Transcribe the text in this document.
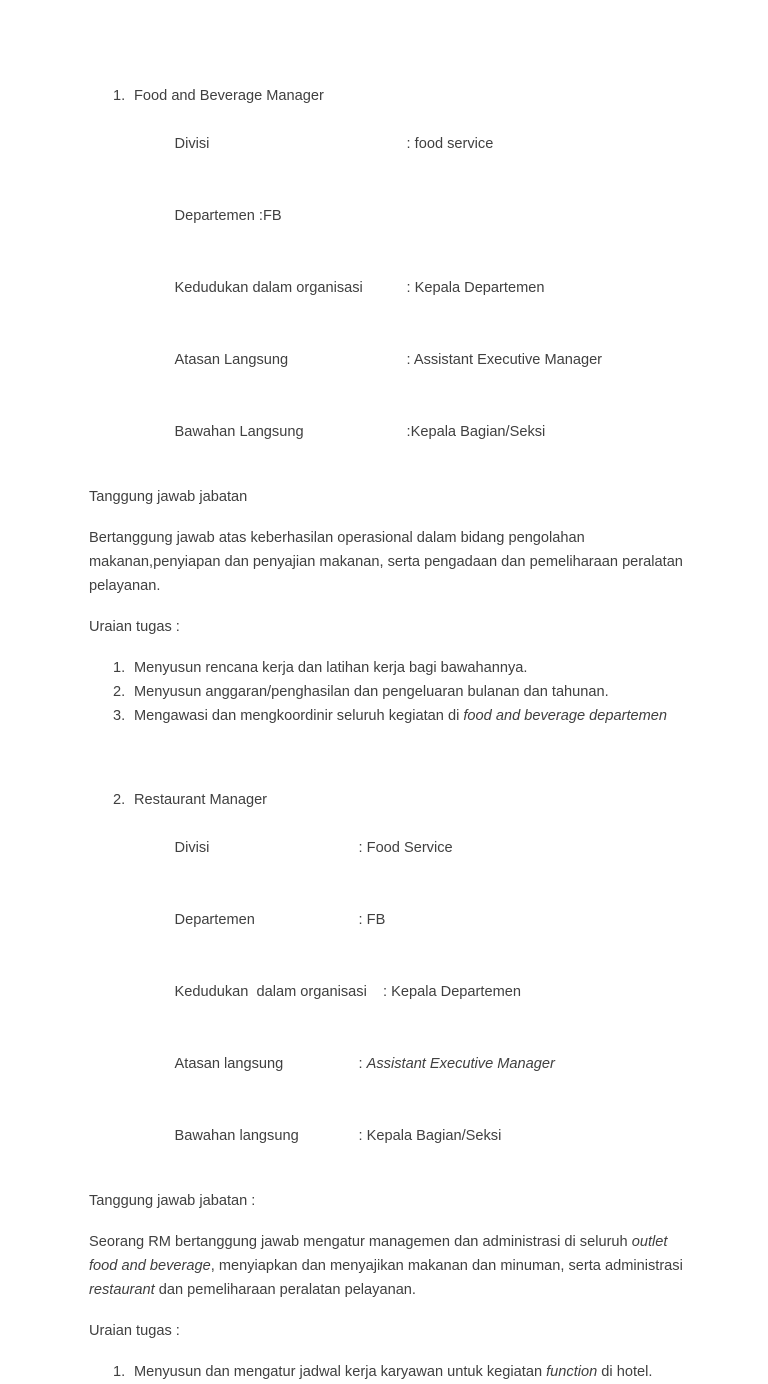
1. Food and Beverage Manager

Divisi	: food service

Departemen :FB

Kedudukan dalam organisasi	: Kepala Departemen

Atasan Langsung	: Assistant Executive Manager

Bawahan Langsung	:Kepala Bagian/Seksi

Tanggung jawab jabatan

Bertanggung jawab atas keberhasilan operasional dalam bidang pengolahan makanan,penyiapan dan penyajian makanan, serta pengadaan dan pemeliharaan peralatan pelayanan.

Uraian tugas :

1. Menyusun rencana kerja dan latihan kerja bagi bawahannya.
2. Menyusun anggaran/penghasilan dan pengeluaran bulanan dan tahunan.
3. Mengawasi dan mengkoordinir seluruh kegiatan di food and beverage departemen
2. Restaurant Manager

Divisi	: Food Service

Departemen	: FB

Kedudukan  dalam organisasi : Kepala Departemen

Atasan langsung	: Assistant Executive Manager

Bawahan langsung	: Kepala Bagian/Seksi

Tanggung jawab jabatan :

Seorang RM bertanggung jawab mengatur managemen dan administrasi di seluruh outlet food and beverage, menyiapkan dan menyajikan makanan dan minuman, serta administrasi restaurant dan pemeliharaan peralatan pelayanan.

Uraian tugas :

1. Menyusun dan mengatur jadwal kerja karyawan untuk kegiatan function di hotel.
